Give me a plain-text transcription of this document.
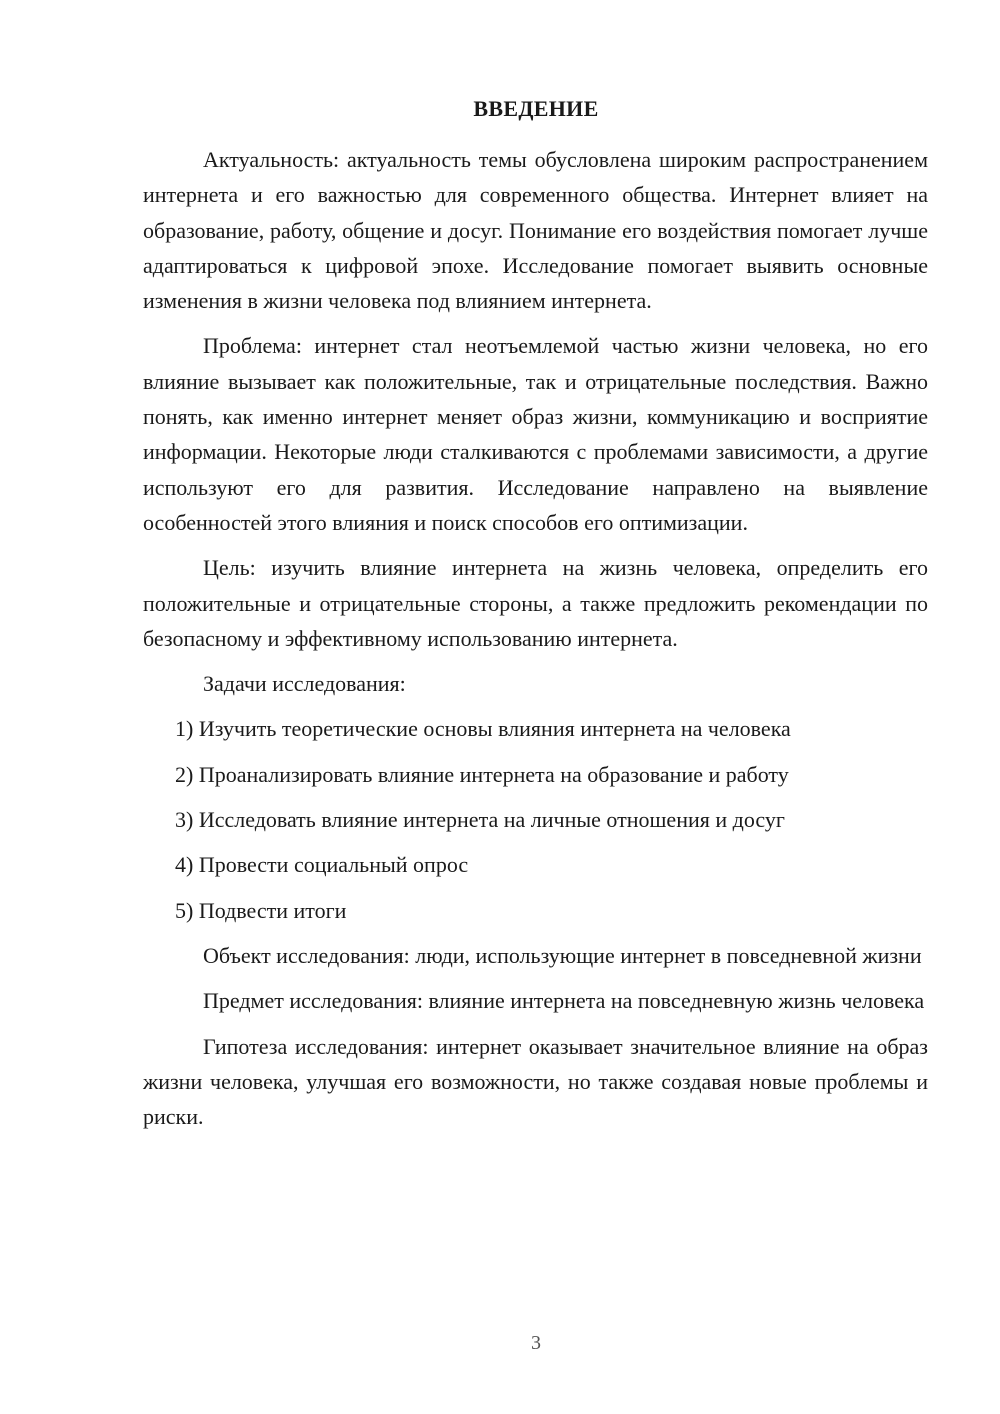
ВВЕДЕНИЕ

Актуальность: актуальность темы обусловлена широким распространением интернета и его важностью для современного общества. Интернет влияет на образование, работу, общение и досуг. Понимание его воздействия помогает лучше адаптироваться к цифровой эпохе. Исследование помогает выявить основные изменения в жизни человека под влиянием интернета.

Проблема: интернет стал неотъемлемой частью жизни человека, но его влияние вызывает как положительные, так и отрицательные последствия. Важно понять, как именно интернет меняет образ жизни, коммуникацию и восприятие информации. Некоторые люди сталкиваются с проблемами зависимости, а другие используют его для развития. Исследование направлено на выявление особенностей этого влияния и поиск способов его оптимизации.

Цель: изучить влияние интернета на жизнь человека, определить его положительные и отрицательные стороны, а также предложить рекомендации по безопасному и эффективному использованию интернета.

Задачи исследования:

1) Изучить теоретические основы влияния интернета на человека
2) Проанализировать влияние интернета на образование и работу
3) Исследовать влияние интернета на личные отношения и досуг
4) Провести социальный опрос
5) Подвести итоги

Объект исследования: люди, использующие интернет в повседневной жизни

Предмет исследования: влияние интернета на повседневную жизнь человека

Гипотеза исследования: интернет оказывает значительное влияние на образ жизни человека, улучшая его возможности, но также создавая новые проблемы и риски.

3
